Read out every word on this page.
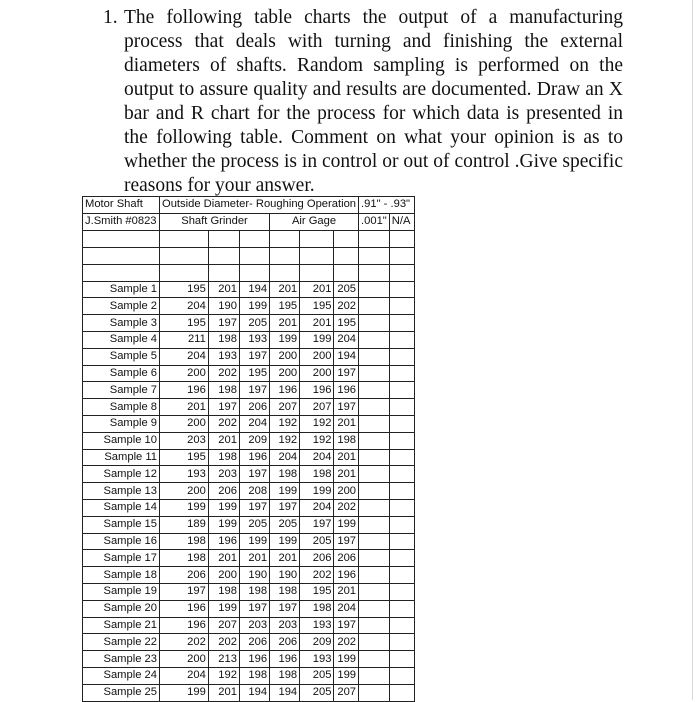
1. The following table charts the output of a manufacturing process that deals with turning and finishing the external diameters of shafts. Random sampling is performed on the output to assure quality and results are documented. Draw an X bar and R chart for the process for which data is presented in the following table. Comment on what your opinion is as to whether the process is in control or out of control .Give specific reasons for your answer.
Motor Shaft	Outside Diameter- Roughing Operation						.91" - .93"	
J.Smith #0823	Shaft Grinder			Air Gage			.001"	N/A

Sample 1	195	201	194	201	201	205		
Sample 2	204	190	199	195	195	202		
Sample 3	195	197	205	201	201	195		
Sample 4	211	198	193	199	199	204		
Sample 5	204	193	197	200	200	194		
Sample 6	200	202	195	200	200	197		
Sample 7	196	198	197	196	196	196		
Sample 8	201	197	206	207	207	197		
Sample 9	200	202	204	192	192	201		
Sample 10	203	201	209	192	192	198		
Sample 11	195	198	196	204	204	201		
Sample 12	193	203	197	198	198	201		
Sample 13	200	206	208	199	199	200		
Sample 14	199	199	197	197	204	202		
Sample 15	189	199	205	205	197	199		
Sample 16	198	196	199	199	205	197		
Sample 17	198	201	201	201	206	206		
Sample 18	206	200	190	190	202	196		
Sample 19	197	198	198	198	195	201		
Sample 20	196	199	197	197	198	204		
Sample 21	196	207	203	203	193	197		
Sample 22	202	202	206	206	209	202		
Sample 23	200	213	196	196	193	199		
Sample 24	204	192	198	198	205	199		
Sample 25	199	201	194	194	205	207		
